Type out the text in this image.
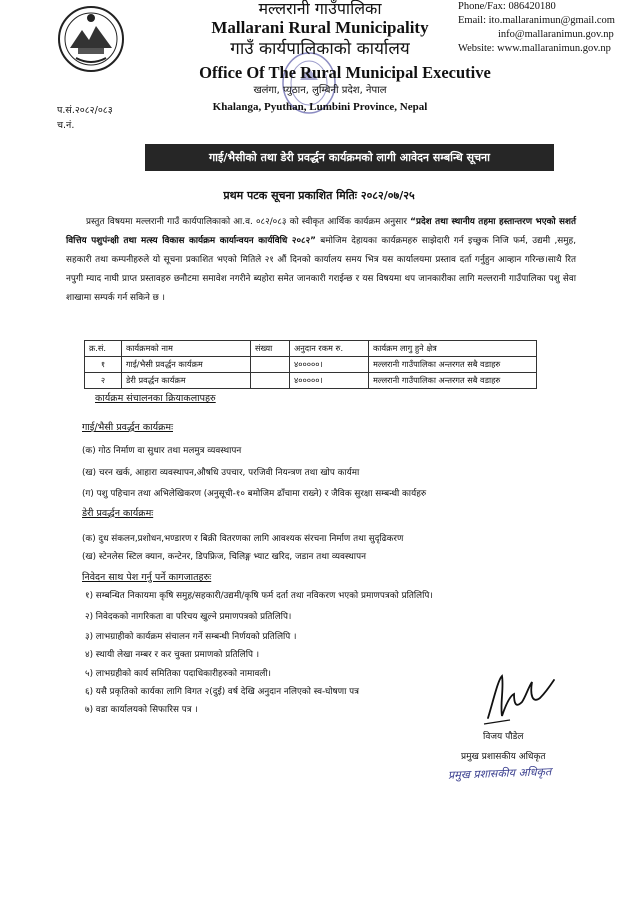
मल्लरानी गाउँपालिका
Mallarani Rural Municipality
गाउँ कार्यपालिकाको कार्यालय
Office Of The Rural Municipal Executive
खलंगा, प्युठान, लुम्बिनी प्रदेश, नेपाल
Khalanga, Pyuthan, Lumbini Province, Nepal
Phone/Fax: 086420180
Email: ito.mallaranimun@gmail.com
info@mallaranimun.gov.np
Website: www.mallaranimun.gov.np
प.सं.२०८२/०८३
च.नं.
गाई/भैसीको तथा डेरी प्रवर्द्धन कार्यक्रमको लागी आवेदन सम्बन्धि सूचना
प्रथम पटक सूचना प्रकाशित मितिः २०८२/०७/२५
प्रस्तुत विषयमा मल्लरानी गाउँ कार्यपालिकाको आ.व. ०८२/०८३ को स्वीकृत आर्थिक कार्यक्रम अनुसार “प्रदेश तथा स्थानीय तहमा हस्तान्तरण भएको सशर्त वित्तिय पशुपंन्क्षी तथा मत्स्य विकास कार्यक्रम कार्यान्वयन कार्यविधि २०८२” बमोजिम देहायका कार्यक्रमहरु साझेदारी गर्न इच्छुक निजि फर्म, उद्यमी ,समुह, सहकारी तथा कम्पनीहरुले यो सूचना प्रकाशित भएको मितिले २१ औं दिनको कार्यालय समय भित्र यस कार्यालयमा प्रस्ताव दर्ता गर्नुहुन आव्हान गरिन्छ।साथै रित नपुगी म्याद नाघी प्राप्त प्रस्तावहरु छनौटमा समावेश नगरीने ब्यहोरा समेत जानकारी गराईन्छ र यस विषयमा थप जानकारीका लागि मल्लरानी गाउँपालिका पशु सेवा शाखामा सम्पर्क गर्न सकिने छ ।
क्र.सं.	कार्यक्रमको नाम	संख्या	अनुदान रकम रु.	कार्यक्रम लागु हुने क्षेत्र
१	गाई/भैसी प्रवर्द्धन कार्यक्रम		४०००००।	मल्लरानी गाउँपालिका अन्तरगत सबै वडाहरु
२	डेरी प्रवर्द्धन कार्यक्रम		४०००००।	मल्लरानी गाउँपालिका अन्तरगत सबै वडाहरु
कार्यक्रम संचालनका क्रियाकलापहरु
गाई/भैसी प्रवर्द्धन कार्यक्रमः
(क) गोठ निर्माण वा सुधार तथा मलमुत्र व्यवस्थापन
(ख) चरन खर्क, आहारा व्यवस्थापन,औषधि उपचार, परजिवी नियन्त्रण तथा खोप कार्यमा
(ग) पशु पहिचान तथा अभिलेखिकरण (अनुसूची-१० बमोजिम ढाँचामा राख्ने) र जैविक सुरक्षा सम्बन्धी कार्यहरु
डेरी प्रवर्द्धन कार्यक्रमः
(क) दुध संकलन,प्रशोधन,भण्डारण र बिक्री वितरणका लागि आवश्यक संरचना निर्माण तथा सुदृढिकरण
(ख) स्टेनलेस स्टिल क्यान, कन्टेनर, डिपफ्रिज, चिलिङ्ग भ्याट खरिद, जडान तथा व्यवस्थापन
निवेदन साथ पेश गर्नु पर्ने कागजातहरुः
१) सम्बन्धित निकायमा कृषि समुह/सहकारी/उद्यमी/कृषि फर्म दर्ता तथा नविकरण भएको प्रमाणपत्रको प्रतिलिपि।
२) निवेदकको नागरिकता वा परिचय खुल्ने प्रमाणपत्रको प्रतिलिपि।
३) लाभग्राहीको कार्यक्रम संचालन गर्ने सम्बन्धी निर्णयको प्रतिलिपि ।
४) स्थायी लेखा नम्बर र कर चुक्ता प्रमाणको प्रतिलिपि ।
५) लाभग्रहीको कार्य समितिका पदाधिकारीहरुको नामावली।
६) यसै प्रकृतिको कार्यका लागि विगत २(दुई) वर्ष देखि अनुदान नलिएको स्व-घोषणा पत्र
७) वडा कार्यालयको सिफारिस पत्र ।
विजय पौडेल
प्रमुख प्रशासकीय अधिकृत
प्रमुख प्रशासकीय अधिकृत
